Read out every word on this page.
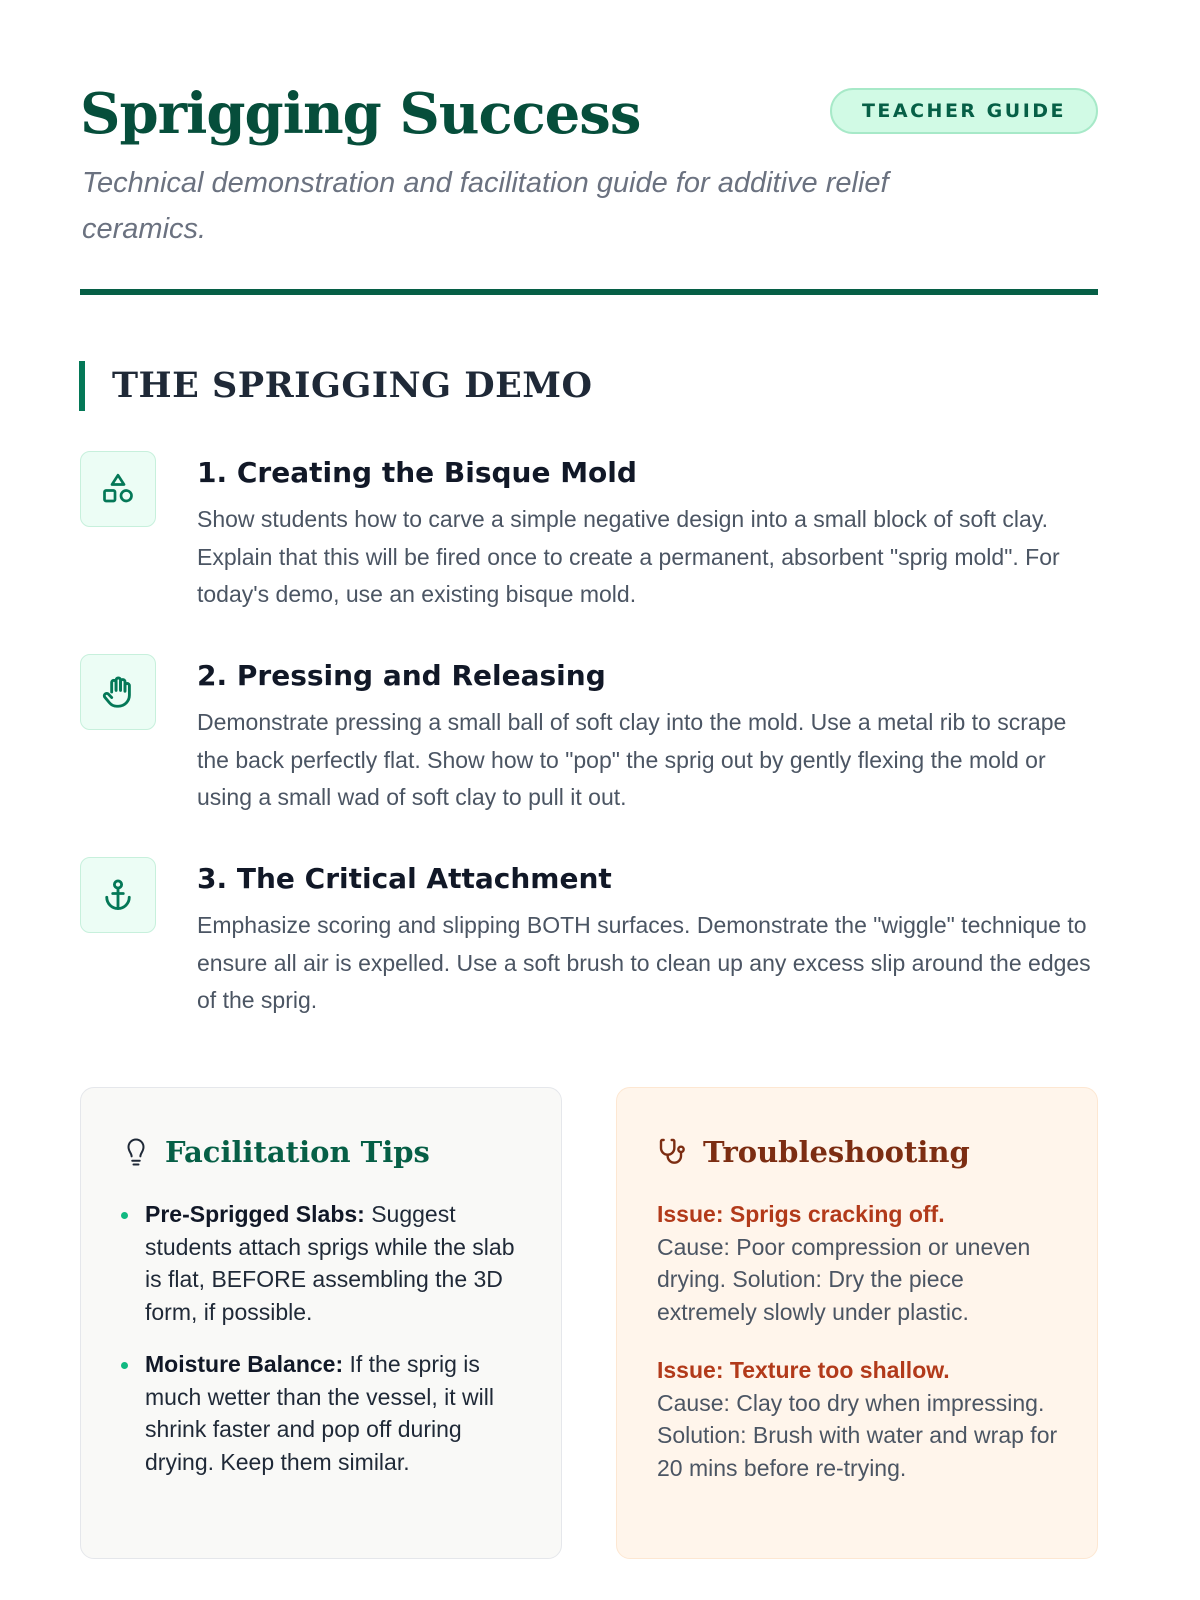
Sprigging Success	TEACHER GUIDE

Technical demonstration and facilitation guide for additive relief ceramics.

THE SPRIGGING DEMO
1. Creating the Bisque Mold

Show students how to carve a simple negative design into a small block of soft clay. Explain that this will be fired once to create a permanent, absorbent "sprig mold". For today's demo, use an existing bisque mold.

2. Pressing and Releasing

Demonstrate pressing a small ball of soft clay into the mold. Use a metal rib to scrape the back perfectly flat. Show how to "pop" the sprig out by gently flexing the mold or using a small wad of soft clay to pull it out.

3. The Critical Attachment

Emphasize scoring and slipping BOTH surfaces. Demonstrate the "wiggle" technique to ensure all air is expelled. Use a soft brush to clean up any excess slip around the edges of the sprig.

Facilitation Tips
Pre-Sprigged Slabs: Suggest students attach sprigs while the slab is flat, BEFORE assembling the 3D form, if possible.
Moisture Balance: If the sprig is much wetter than the vessel, it will shrink faster and pop off during drying. Keep them similar.
Troubleshooting
Issue: Sprigs cracking off.
Cause: Poor compression or uneven drying. Solution: Dry the piece extremely slowly under plastic.
Issue: Texture too shallow.
Cause: Clay too dry when impressing. Solution: Brush with water and wrap for 20 mins before re-trying.
